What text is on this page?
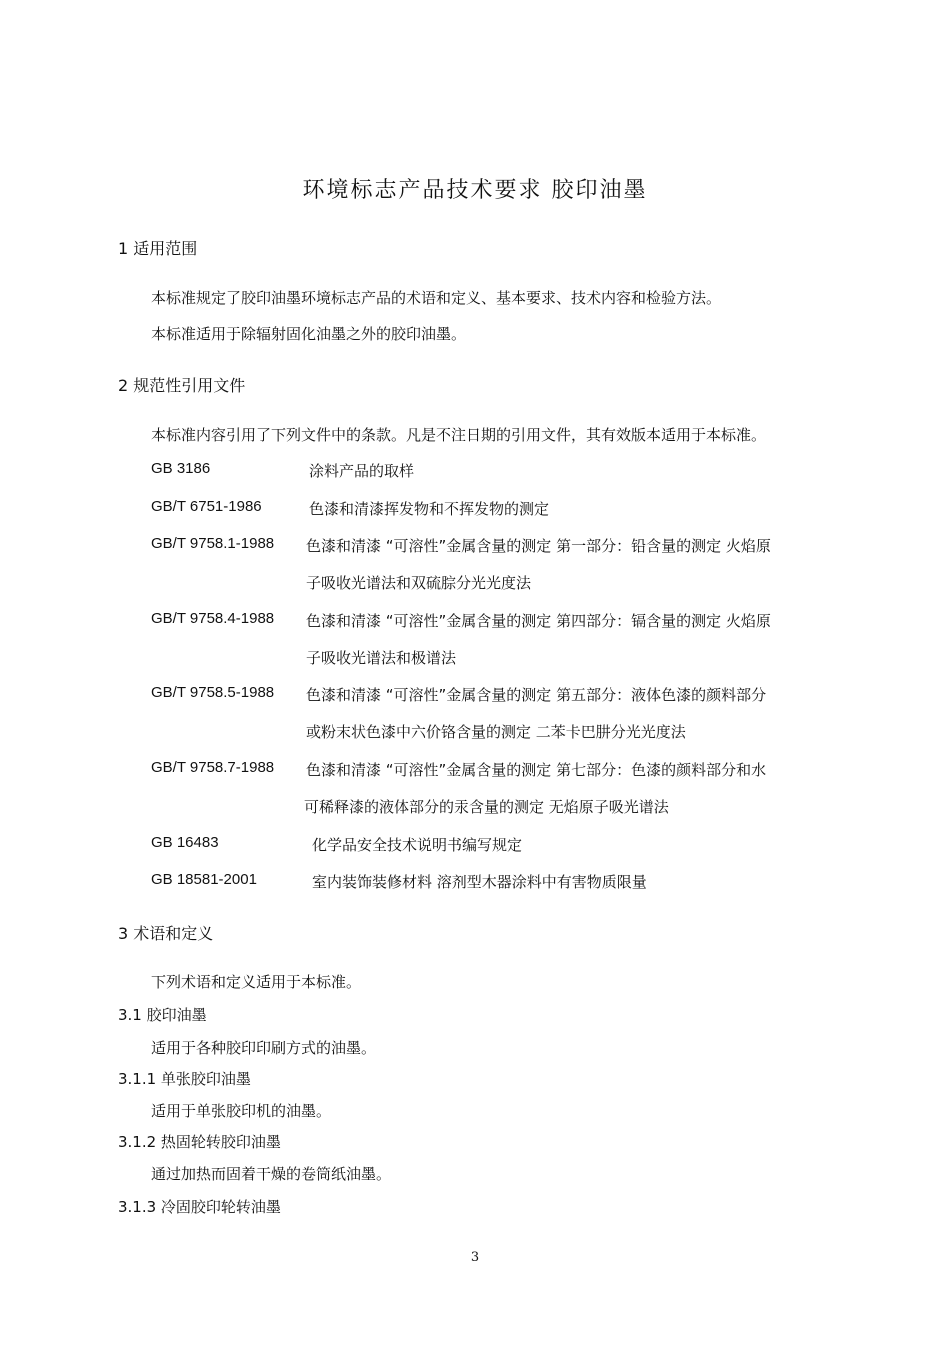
环境标志产品技术要求 胶印油墨
1 适用范围
本标准规定了胶印油墨环境标志产品的术语和定义、基本要求、技术内容和检验方法。
本标准适用于除辐射固化油墨之外的胶印油墨。
2 规范性引用文件
本标准内容引用了下列文件中的条款。凡是不注日期的引用文件，其有效版本适用于本标准。
GB 3186	涂料产品的取样
GB/T 6751-1986	色漆和清漆挥发物和不挥发物的测定
GB/T 9758.1-1988 色漆和清漆 “可溶性”金属含量的测定 第一部分：铅含量的测定 火焰原
子吸收光谱法和双硫腙分光光度法
GB/T 9758.4-1988 色漆和清漆 “可溶性”金属含量的测定 第四部分：镉含量的测定 火焰原
子吸收光谱法和极谱法
GB/T 9758.5-1988 色漆和清漆 “可溶性”金属含量的测定 第五部分：液体色漆的颜料部分
或粉末状色漆中六价铬含量的测定 二苯卡巴肼分光光度法
GB/T 9758.7-1988 色漆和清漆 “可溶性”金属含量的测定 第七部分：色漆的颜料部分和水
可稀释漆的液体部分的汞含量的测定 无焰原子吸光谱法
GB 16483	化学品安全技术说明书编写规定
GB 18581-2001	室内装饰装修材料 溶剂型木器涂料中有害物质限量
3 术语和定义
下列术语和定义适用于本标准。
3.1 胶印油墨
适用于各种胶印印刷方式的油墨。
3.1.1 单张胶印油墨
适用于单张胶印机的油墨。
3.1.2 热固轮转胶印油墨
通过加热而固着干燥的卷筒纸油墨。
3.1.3 冷固胶印轮转油墨
3
